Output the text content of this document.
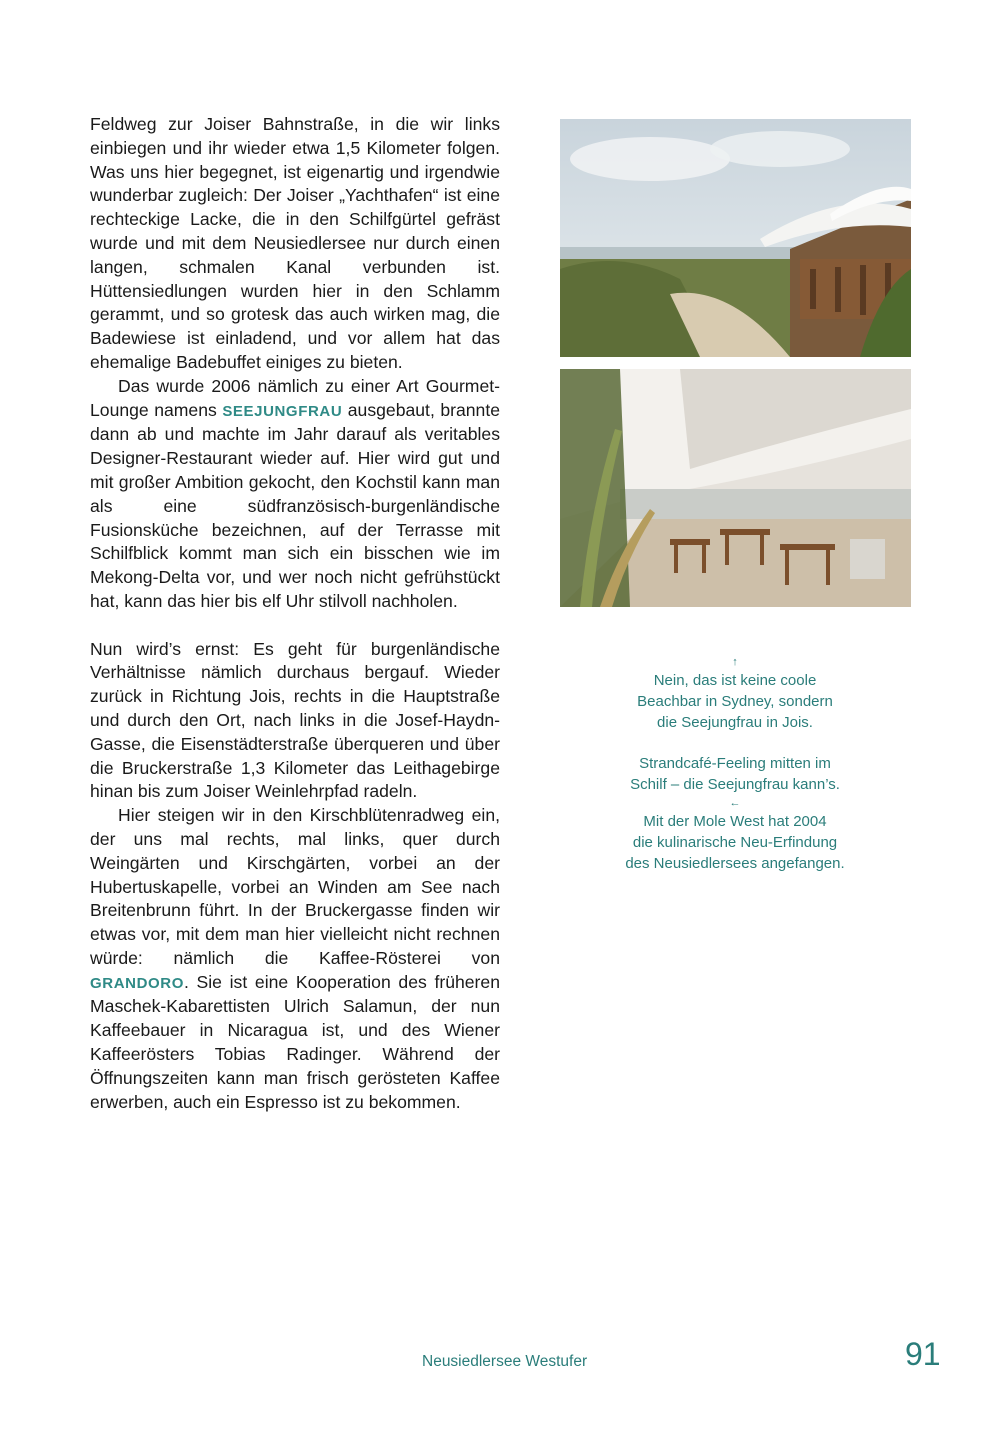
Feldweg zur Joiser Bahnstraße, in die wir links einbiegen und ihr wieder etwa 1,5 Kilometer folgen. Was uns hier begegnet, ist eigenartig und irgendwie wunderbar zugleich: Der Joiser „Yachthafen“ ist eine rechteckige Lacke, die in den Schilfgürtel gefräst wurde und mit dem Neusiedlersee nur durch einen langen, schmalen Kanal verbunden ist. Hüttensiedlungen wurden hier in den Schlamm gerammt, und so grotesk das auch wirken mag, die Badewiese ist einladend, und vor allem hat das ehemalige Badebuffet einiges zu bieten.

Das wurde 2006 nämlich zu einer Art Gourmet-Lounge namens SEEJUNGFRAU ausgebaut, brannte dann ab und machte im Jahr darauf als veritables Designer-Restaurant wieder auf. Hier wird gut und mit großer Ambition gekocht, den Kochstil kann man als eine südfranzösisch-burgenländische Fusionsküche bezeichnen, auf der Terrasse mit Schilfblick kommt man sich ein bisschen wie im Mekong-Delta vor, und wer noch nicht gefrühstückt hat, kann das hier bis elf Uhr stilvoll nachholen.

Nun wird’s ernst: Es geht für burgenländische Verhältnisse nämlich durchaus bergauf. Wieder zurück in Richtung Jois, rechts in die Hauptstraße und durch den Ort, nach links in die Josef-Haydn-Gasse, die Eisenstädterstraße überqueren und über die Bruckerstraße 1,3 Kilometer das Leithagebirge hinan bis zum Joiser Weinlehrpfad radeln.

Hier steigen wir in den Kirschblütenradweg ein, der uns mal rechts, mal links, quer durch Weingärten und Kirschgärten, vorbei an der Hubertuskapelle, vorbei an Winden am See nach Breitenbrunn führt. In der Bruckergasse finden wir etwas vor, mit dem man hier vielleicht nicht rechnen würde: nämlich die Kaffee-Rösterei von GRANDORO. Sie ist eine Kooperation des früheren Maschek-Kabarettisten Ulrich Salamun, der nun Kaffeebauer in Nicaragua ist, und des Wiener Kaffeerösters Tobias Radinger. Während der Öffnungszeiten kann man frisch gerösteten Kaffee erwerben, auch ein Espresso ist zu bekommen.

↑
Nein, das ist keine coole
Beachbar in Sydney, sondern
die Seejungfrau in Jois.
Strandcafé-Feeling mitten im
Schilf – die Seejungfrau kann’s.
←
Mit der Mole West hat 2004
die kulinarische Neu-Erfindung
des Neusiedlersees angefangen.
Neusiedlersee Westufer	91
